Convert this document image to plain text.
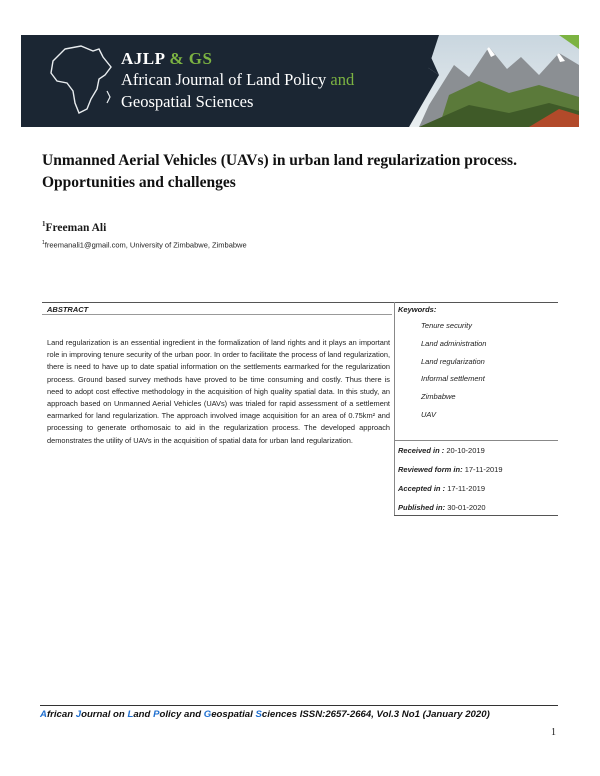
AJLP & GS
African Journal of Land Policy and
Geospatial Sciences
Unmanned Aerial Vehicles (UAVs) in urban land regularization process. Opportunities and challenges
$^1$Freeman Ali
$^1$freemanali1@gmail.com, University of Zimbabwe, Zimbabwe
ABSTRACT
Land regularization is an essential ingredient in the formalization of land rights and it plays an important role in improving tenure security of the urban poor. In order to facilitate the process of land regularization, there is need to have up to date spatial information on the settlements earmarked for the regularization process. Ground based survey methods have proved to be time consuming and costly. Thus there is need to adopt cost effective methodology in the acquisition of high quality spatial data. In this study, an approach based on Unmanned Aerial Vehicles (UAVs) was trialed for rapid assessment of a settlement earmarked for land regularization. The approach involved image acquisition for an area of 0.75km² and processing to generate orthomosaic to aid in the regularization process. The developed approach demonstrates the utility of UAVs in the acquisition of spatial data for urban land regularization.
Keywords:
Tenure security
Land administration
Land regularization
Informal settlement
Zimbabwe
UAV
Received in : 20-10-2019
Reviewed form in: 17-11-2019
Accepted in : 17-11-2019
Published in: 30-01-2020
African Journal on Land Policy and Geospatial Sciences ISSN:2657-2664, Vol.3 No1 (January 2020)
1
